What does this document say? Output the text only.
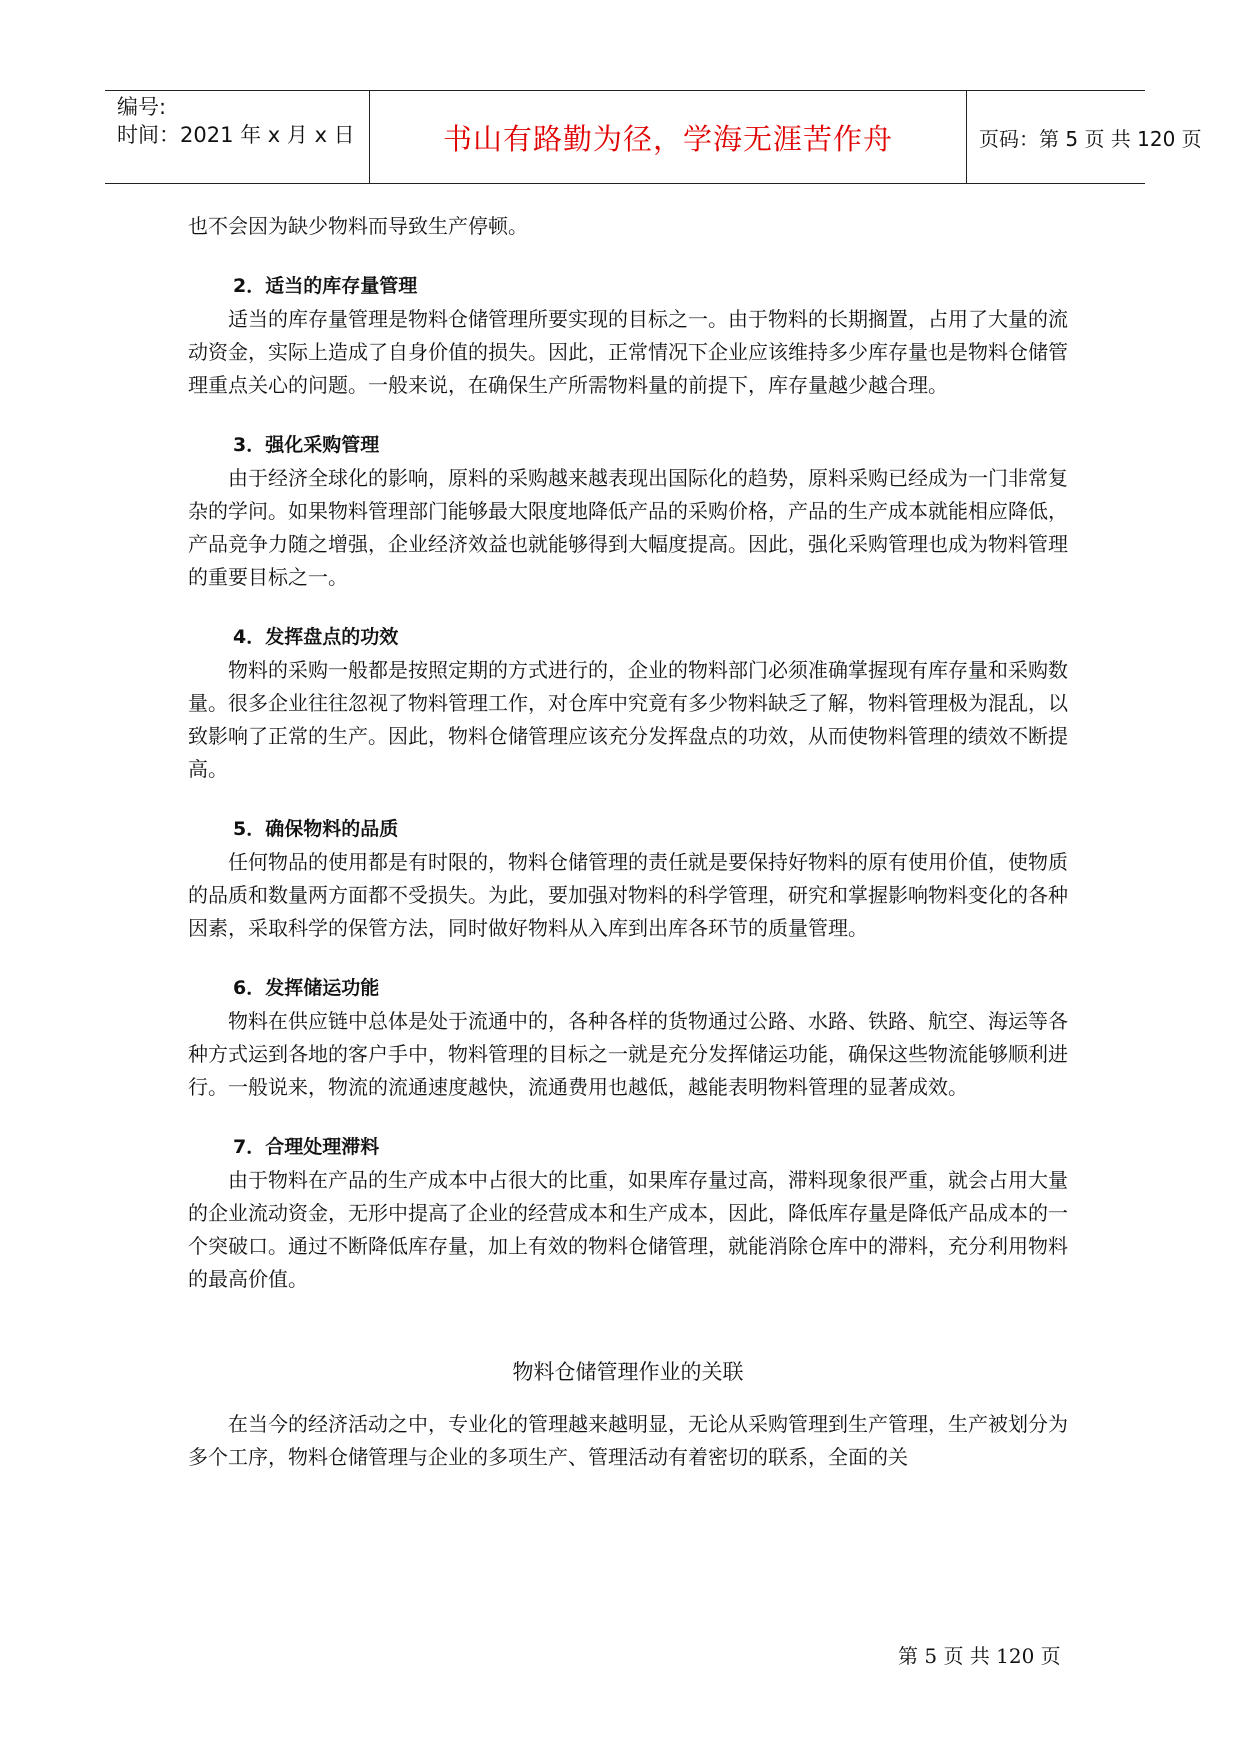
编号:
时间：2021 年 x 月 x 日	书山有路勤为径，学海无涯苦作舟	页码：第 5 页 共 120 页

也不会因为缺少物料而导致生产停顿。

2．适当的库存量管理

适当的库存量管理是物料仓储管理所要实现的目标之一。由于物料的长期搁置，占用了大量的流动资金，实际上造成了自身价值的损失。因此，正常情况下企业应该维持多少库存量也是物料仓储管理重点关心的问题。一般来说，在确保生产所需物料量的前提下，库存量越少越合理。

3．强化采购管理

由于经济全球化的影响，原料的采购越来越表现出国际化的趋势，原料采购已经成为一门非常复杂的学问。如果物料管理部门能够最大限度地降低产品的采购价格，产品的生产成本就能相应降低，产品竞争力随之增强，企业经济效益也就能够得到大幅度提高。因此，强化采购管理也成为物料管理的重要目标之一。

4．发挥盘点的功效

物料的采购一般都是按照定期的方式进行的，企业的物料部门必须准确掌握现有库存量和采购数量。很多企业往往忽视了物料管理工作，对仓库中究竟有多少物料缺乏了解，物料管理极为混乱，以致影响了正常的生产。因此，物料仓储管理应该充分发挥盘点的功效，从而使物料管理的绩效不断提高。

5．确保物料的品质

任何物品的使用都是有时限的，物料仓储管理的责任就是要保持好物料的原有使用价值，使物质的品质和数量两方面都不受损失。为此，要加强对物料的科学管理，研究和掌握影响物料变化的各种因素，采取科学的保管方法，同时做好物料从入库到出库各环节的质量管理。

6．发挥储运功能

物料在供应链中总体是处于流通中的，各种各样的货物通过公路、水路、铁路、航空、海运等各种方式运到各地的客户手中，物料管理的目标之一就是充分发挥储运功能，确保这些物流能够顺利进行。一般说来，物流的流通速度越快，流通费用也越低，越能表明物料管理的显著成效。

7．合理处理滞料

由于物料在产品的生产成本中占很大的比重，如果库存量过高，滞料现象很严重，就会占用大量的企业流动资金，无形中提高了企业的经营成本和生产成本，因此，降低库存量是降低产品成本的一个突破口。通过不断降低库存量，加上有效的物料仓储管理，就能消除仓库中的滞料，充分利用物料的最高价值。

物料仓储管理作业的关联

在当今的经济活动之中，专业化的管理越来越明显，无论从采购管理到生产管理，生产被划分为多个工序，物料仓储管理与企业的多项生产、管理活动有着密切的联系，全面的关

第 5 页 共 120 页
